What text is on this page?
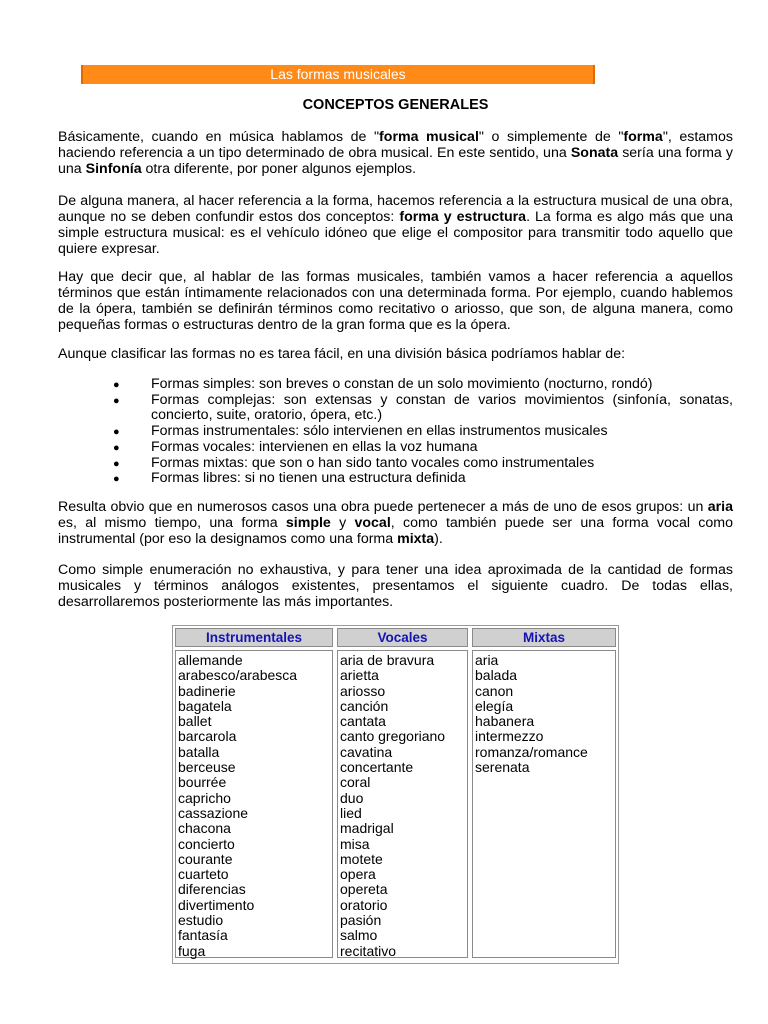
Las formas musicales
CONCEPTOS GENERALES

Básicamente, cuando en música hablamos de "forma musical" o simplemente de "forma", estamos haciendo referencia a un tipo determinado de obra musical. En este sentido, una Sonata sería una forma y una Sinfonía otra diferente, por poner algunos ejemplos.

De alguna manera, al hacer referencia a la forma, hacemos referencia a la estructura musical de una obra, aunque no se deben confundir estos dos conceptos: forma y estructura. La forma es algo más que una simple estructura musical: es el vehículo idóneo que elige el compositor para transmitir todo aquello que quiere expresar.

Hay que decir que, al hablar de las formas musicales, también vamos a hacer referencia a aquellos términos que están íntimamente relacionados con una determinada forma. Por ejemplo, cuando hablemos de la ópera, también se definirán términos como recitativo o ariosso, que son, de alguna manera, como pequeñas formas o estructuras dentro de la gran forma que es la ópera.

Aunque clasificar las formas no es tarea fácil, en una división básica podríamos hablar de:

● Formas simples: son breves o constan de un solo movimiento (nocturno, rondó)
● Formas complejas: son extensas y constan de varios movimientos (sinfonía, sonatas, concierto, suite, oratorio, ópera, etc.)
● Formas instrumentales: sólo intervienen en ellas instrumentos musicales
● Formas vocales: intervienen en ellas la voz humana
● Formas mixtas: que son o han sido tanto vocales como instrumentales
● Formas libres: si no tienen una estructura definida

Resulta obvio que en numerosos casos una obra puede pertenecer a más de uno de esos grupos: un aria es, al mismo tiempo, una forma simple y vocal, como también puede ser una forma vocal como instrumental (por eso la designamos como una forma mixta).

Como simple enumeración no exhaustiva, y para tener una idea aproximada de la cantidad de formas musicales y términos análogos existentes, presentamos el siguiente cuadro. De todas ellas, desarrollaremos posteriormente las más importantes.

Instrumentales
allemande
arabesco/arabesca
badinerie
bagatela
ballet
barcarola
batalla
berceuse
bourrée
capricho
cassazione
chacona
concierto
courante
cuarteto
diferencias
divertimento
estudio
fantasía
fuga
Vocales
aria de bravura
arietta
ariosso
canción
cantata
canto gregoriano
cavatina
concertante
coral
duo
lied
madrigal
misa
motete
opera
opereta
oratorio
pasión
salmo
recitativo
Mixtas
aria
balada
canon
elegía
habanera
intermezzo
romanza/romance
serenata
